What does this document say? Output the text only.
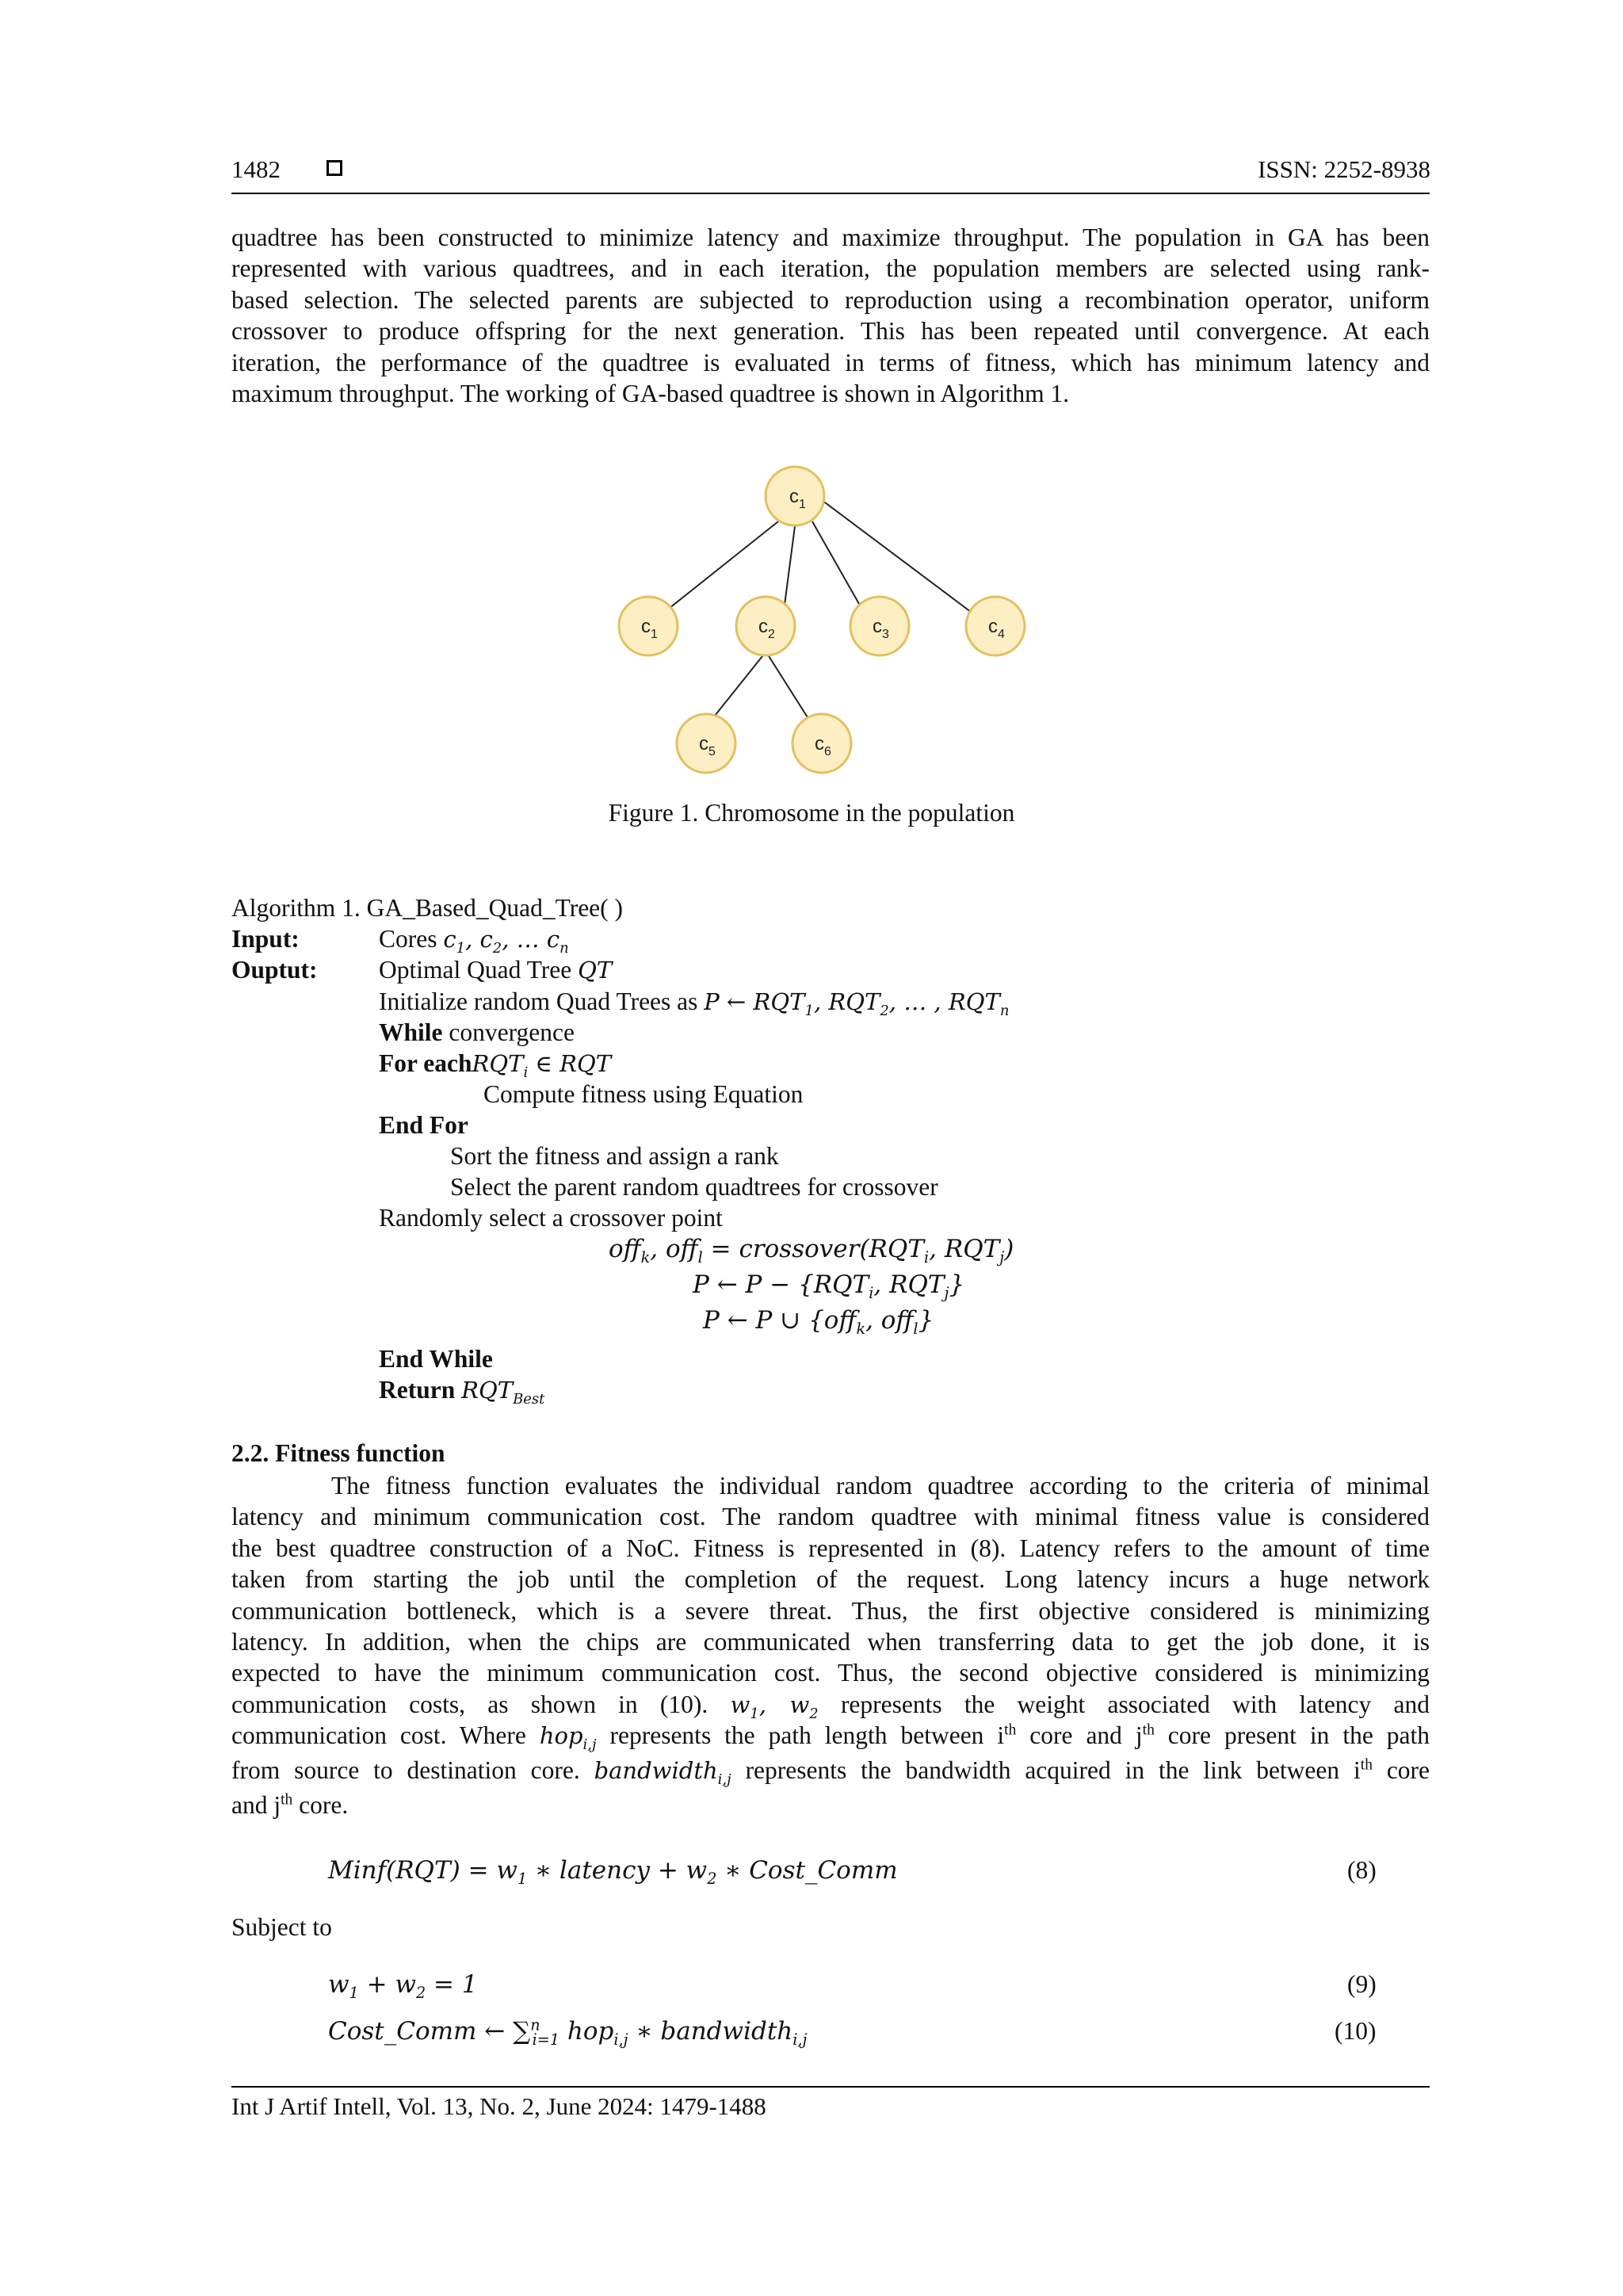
1482	ISSN: 2252-8938
quadtree has been constructed to minimize latency and maximize throughput. The population in GA has been
represented with various quadtrees, and in each iteration, the population members are selected using rank-
based selection. The selected parents are subjected to reproduction using a recombination operator, uniform
crossover to produce offspring for the next generation. This has been repeated until convergence. At each
iteration, the performance of the quadtree is evaluated in terms of fitness, which has minimum latency and
maximum throughput. The working of GA-based quadtree is shown in Algorithm 1.
$c_1$
$c_1$	$c_2$	$c_3$	$c_4$
$c_5$	$c_6$
Figure 1. Chromosome in the population
Algorithm 1. GA_Based_Quad_Tree( )
Input:	Cores $c_1$, $c_2$, … $c_n$
Ouptut: Optimal Quad Tree QT
Initialize random Quad Trees as P ← $RQT_1$, $RQT_2$, … , $RQT_n$
While convergence
For eachRQT$_i$ ∈ RQT
Compute fitness using Equation
End For
Sort the fitness and assign a rank
Select the parent random quadtrees for crossover
Randomly select a crossover point
off$_k$, $off_l = crossover(RQT_i$, $RQT_j$)
P ← $P - \{RQT_i$, $RQT_j$}
P ← P ∪ {off$_k$, off$_l$}
End While
Return $RQT_{Best}$
2.2. Fitness function
The fitness function evaluates the individual random quadtree according to the criteria of minimal
latency and minimum communication cost. The random quadtree with minimal fitness value is considered
the best quadtree construction of a NoC. Fitness is represented in (8). Latency refers to the amount of time
taken from starting the job until the completion of the request. Long latency incurs a huge network
communication bottleneck, which is a severe threat. Thus, the first objective considered is minimizing
latency. In addition, when the chips are communicated when transferring data to get the job done, it is
expected to have the minimum communication cost. Thus, the second objective considered is minimizing
communication costs, as shown in (10). $w_1$, $w_2$ represents the weight associated with latency and
communication cost. Where hop$_{i,j}$ represents the path length between $i^{th}$ core and $j^{th}$ core present in the path
from source to destination core. bandwidth$_{i,j}$ represents the bandwidth acquired in the link between $i^{th}$ core
and $j^{th}$ core.
Minf(RQT) = $w_1$ ∗ latency + $w_2$ ∗ Cost_Comm	(8)
Subject to
$w_1 + w_2 = 1$	(9)
Cost_Comm ← ∑$^n_{i=1}$ hop$_{i,j}$ ∗ bandwidth$_{i,j}$	(10)
Int J Artif Intell, Vol. 13, No. 2, June 2024: 1479-1488
